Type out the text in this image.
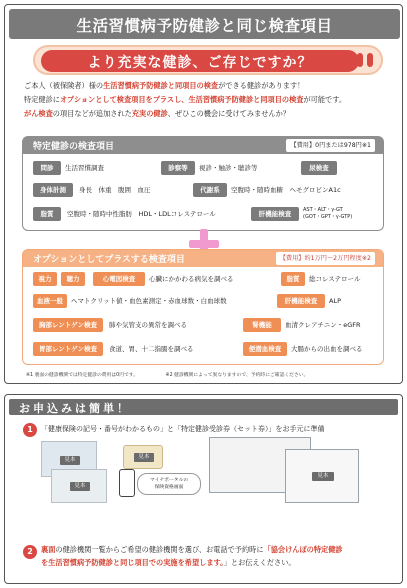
生活習慣病予防健診と同じ検査項目
より充実な健診、ご存じですか？
ご本人（被保険者）様の生活習慣病予防健診と同項目の検査ができる健診があります！
特定健診にオプションとして検査項目をプラスし、生活習慣病予防健診と同項目の検査が可能です。
がん検査の項目などが追加された充実の健診、ぜひこの機会に受けてみませんか？
特定健診の検査項目	【費用】0円または978円※1
問診	生活習慣調査	診察等	視診・触診・聴診等	尿検査
身体計測	身長　体重　腹囲　血圧	代謝系	空腹時・随時血糖　ヘモグロビンA1c
脂質	空腹時・随時中性脂肪　HDL・LDLコレステロール	肝機能検査	AST・ALT・γ-GT
(GOT・GPT・γ-GTP)
オプションとしてプラスする検査項目	【費用】約1万円～2万円程度※2
視力	聴力	心電図検査	心臓にかかわる病気を調べる	脂質	総コレステロール
血液一般	ヘマトクリット値・血色素測定・赤血球数・白血球数	肝機能検査	ALP
胸部レントゲン検査	肺や気管支の異常を調べる	腎機能	血清クレアチニン・eGFR
胃部レントゲン検査	食道、胃、十二指腸を調べる	便潜血検査	大腸からの出血を調べる
※1 裏面の健診機関では特定健診の費用は0円です。	※2 健診機関によって異なりますので、予約時にご確認ください。
お申込みは簡単！
1	「健康保険の記号・番号がわかるもの」と「特定健診受診券（セット券）」をお手元に準備
見本
見本
見本
マイナポータルの
保険資格画面
見本
2	裏面の健診機関一覧からご希望の健診機関を選び、お電話で予約時に「協会けんぽの特定健診
を生活習慣病予防健診と同じ項目での実施を希望します。」とお伝えください。
